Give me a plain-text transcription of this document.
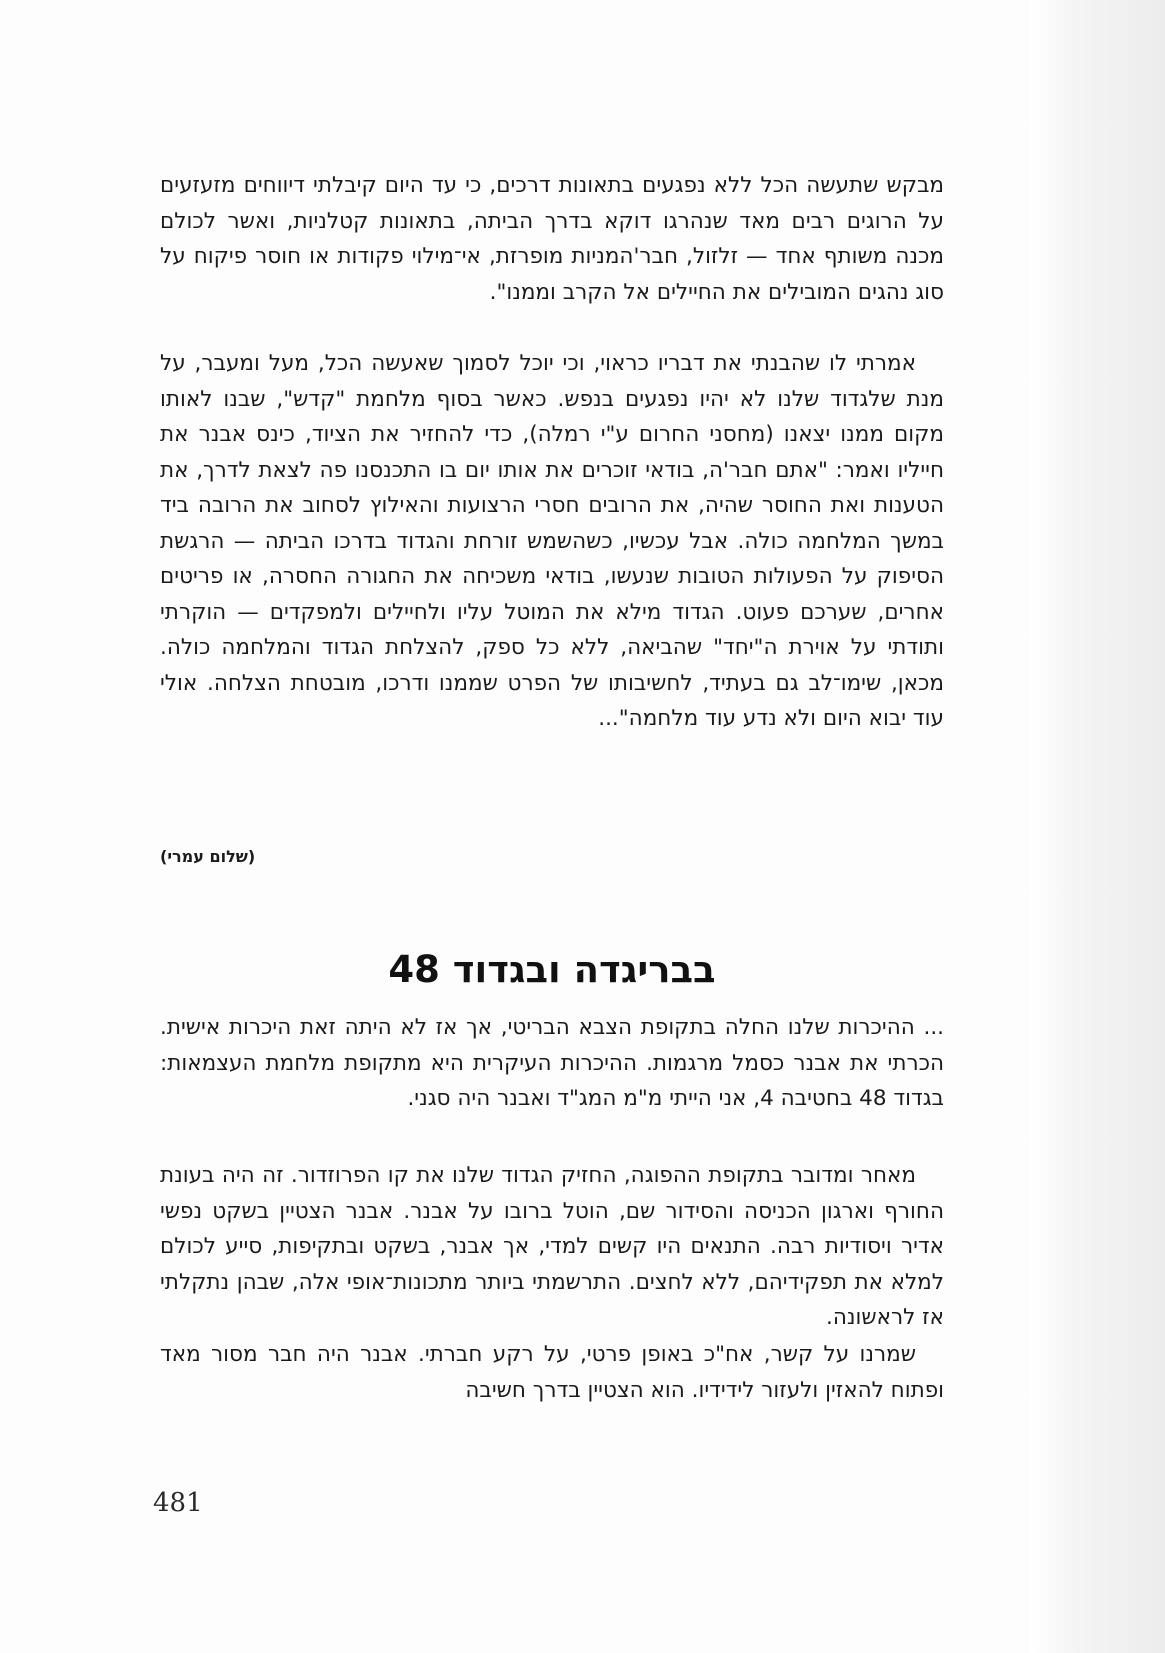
מבקש שתעשה הכל ללא נפגעים בתאונות דרכים, כי עד היום קיבלתי דיווחים מזעזעים על הרוגים רבים מאד שנהרגו דוקא בדרך הביתה, בתאונות קטלניות, ואשר לכולם מכנה משותף אחד — זלזול, חבר'המניות מופרזת, אי־מילוי פקודות או חוסר פיקוח על סוג נהגים המובילים את החיילים אל הקרב וממנו".

אמרתי לו שהבנתי את דבריו כראוי, וכי יוכל לסמוך שאעשה הכל, מעל ומעבר, על מנת שלגדוד שלנו לא יהיו נפגעים בנפש. כאשר בסוף מלחמת "קדש", שבנו לאותו מקום ממנו יצאנו (מחסני החרום ע"י רמלה), כדי להחזיר את הציוד, כינס אבנר את חייליו ואמר: "אתם חבר'ה, בודאי זוכרים את אותו יום בו התכנסנו פה לצאת לדרך, את הטענות ואת החוסר שהיה, את הרובים חסרי הרצועות והאילוץ לסחוב את הרובה ביד במשך המלחמה כולה. אבל עכשיו, כשהשמש זורחת והגדוד בדרכו הביתה — הרגשת הסיפוק על הפעולות הטובות שנעשו, בודאי משכיחה את החגורה החסרה, או פריטים אחרים, שערכם פעוט. הגדוד מילא את המוטל עליו ולחיילים ולמפקדים — הוקרתי ותודתי על אוירת ה"יחד" שהביאה, ללא כל ספק, להצלחת הגדוד והמלחמה כולה. מכאן, שימו־לב גם בעתיד, לחשיבותו של הפרט שממנו ודרכו, מובטחת הצלחה. אולי עוד יבוא היום ולא נדע עוד מלחמה"...

(שלום עמרי)
בבריגדה ובגדוד 48

... ההיכרות שלנו החלה בתקופת הצבא הבריטי, אך אז לא היתה זאת היכרות אישית. הכרתי את אבנר כסמל מרגמות. ההיכרות העיקרית היא מתקופת מלחמת העצמאות: בגדוד 48 בחטיבה 4, אני הייתי מ"מ המג"ד ואבנר היה סגני.

מאחר ומדובר בתקופת ההפוגה, החזיק הגדוד שלנו את קו הפרוזדור. זה היה בעונת החורף וארגון הכניסה והסידור שם, הוטל ברובו על אבנר. אבנר הצטיין בשקט נפשי אדיר ויסודיות רבה. התנאים היו קשים למדי, אך אבנר, בשקט ובתקיפות, סייע לכולם למלא את תפקידיהם, ללא לחצים. התרשמתי ביותר מתכונות־אופי אלה, שבהן נתקלתי אז לראשונה.

שמרנו על קשר, אח"כ באופן פרטי, על רקע חברתי. אבנר היה חבר מסור מאד ופתוח להאזין ולעזור לידידיו. הוא הצטיין בדרך חשיבה

481
